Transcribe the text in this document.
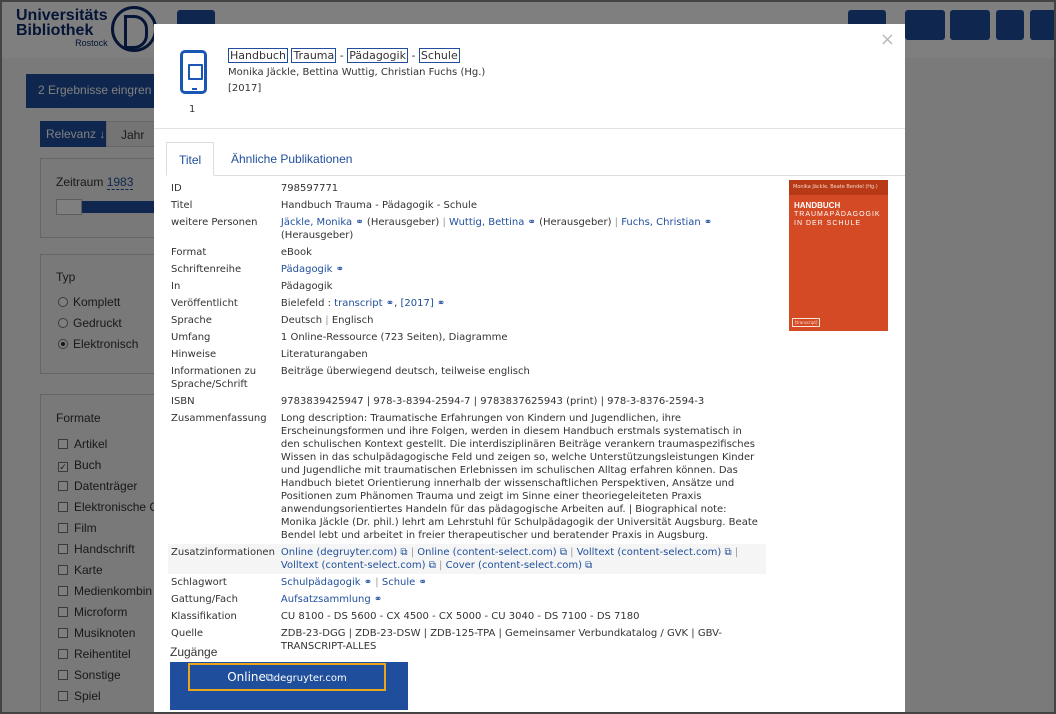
×
1
Handbuch Trauma - Pädagogik - Schule
Monika Jäckle, Bettina Wuttig, Christian Fuchs (Hg.)
[2017]
Titel	Ähnliche Publikationen
ID	798597771
Titel	Handbuch Trauma - Pädagogik - Schule
weitere Personen	Jäckle, Monika ⚭ (Herausgeber) | Wuttig, Bettina ⚭ (Herausgeber) | Fuchs, Christian ⚭ (Herausgeber)
Format	eBook
Schriftenreihe	Pädagogik ⚭
In	Pädagogik
Veröffentlicht	Bielefeld : transcript ⚭, [2017] ⚭
Sprache	Deutsch | Englisch
Umfang	1 Online-Ressource (723 Seiten), Diagramme
Hinweise	Literaturangaben
Informationen zu Sprache/Schrift	Beiträge überwiegend deutsch, teilweise englisch
ISBN	9783839425947 | 978-3-8394-2594-7 | 9783837625943 (print) | 978-3-8376-2594-3
Zusammenfassung	Long description: Traumatische Erfahrungen von Kindern und Jugendlichen, ihre Erscheinungsformen und ihre Folgen, werden in diesem Handbuch erstmals systematisch in den schulischen Kontext gestellt. Die interdisziplinären Beiträge verankern traumaspezifisches Wissen in das schulpädagogische Feld und zeigen so, welche Unterstützungsleistungen Kinder und Jugendliche mit traumatischen Erlebnissen im schulischen Alltag erfahren können. Das Handbuch bietet Orientierung innerhalb der wissenschaftlichen Perspektiven, Ansätze und Positionen zum Phänomen Trauma und zeigt im Sinne einer theoriegeleiteten Praxis anwendungsorientiertes Handeln für das pädagogische Arbeiten auf. | Biographical note: Monika Jäckle (Dr. phil.) lehrt am Lehrstuhl für Schulpädagogik der Universität Augsburg. Beate Bendel lebt und arbeitet in freier therapeutischer und beratender Praxis in Augsburg.
Zusatzinformationen	Online (degruyter.com) ⧉ | Online (content-select.com) ⧉ | Volltext (content-select.com) ⧉ | Volltext (content-select.com) ⧉ | Cover (content-select.com) ⧉
Schlagwort	Schulpädagogik ⚭ | Schule ⚭
Gattung/Fach	Aufsatzsammlung ⚭
Klassifikation	CU 8100 - DS 5600 - CX 4500 - CX 5000 - CU 3040 - DS 7100 - DS 7180
Quelle	ZDB-23-DGG | ZDB-23-DSW | ZDB-125-TPA | Gemeinsamer Verbundkatalog / GVK | GBV-TRANSCRIPT-ALLES
Monika Jäckle, Beate Bendel (Hg.)
HANDBUCH
TRAUMAPÄDAGOGIK
IN DER SCHULE
[transcript]
Zugänge
Online⧉degruyter.com
